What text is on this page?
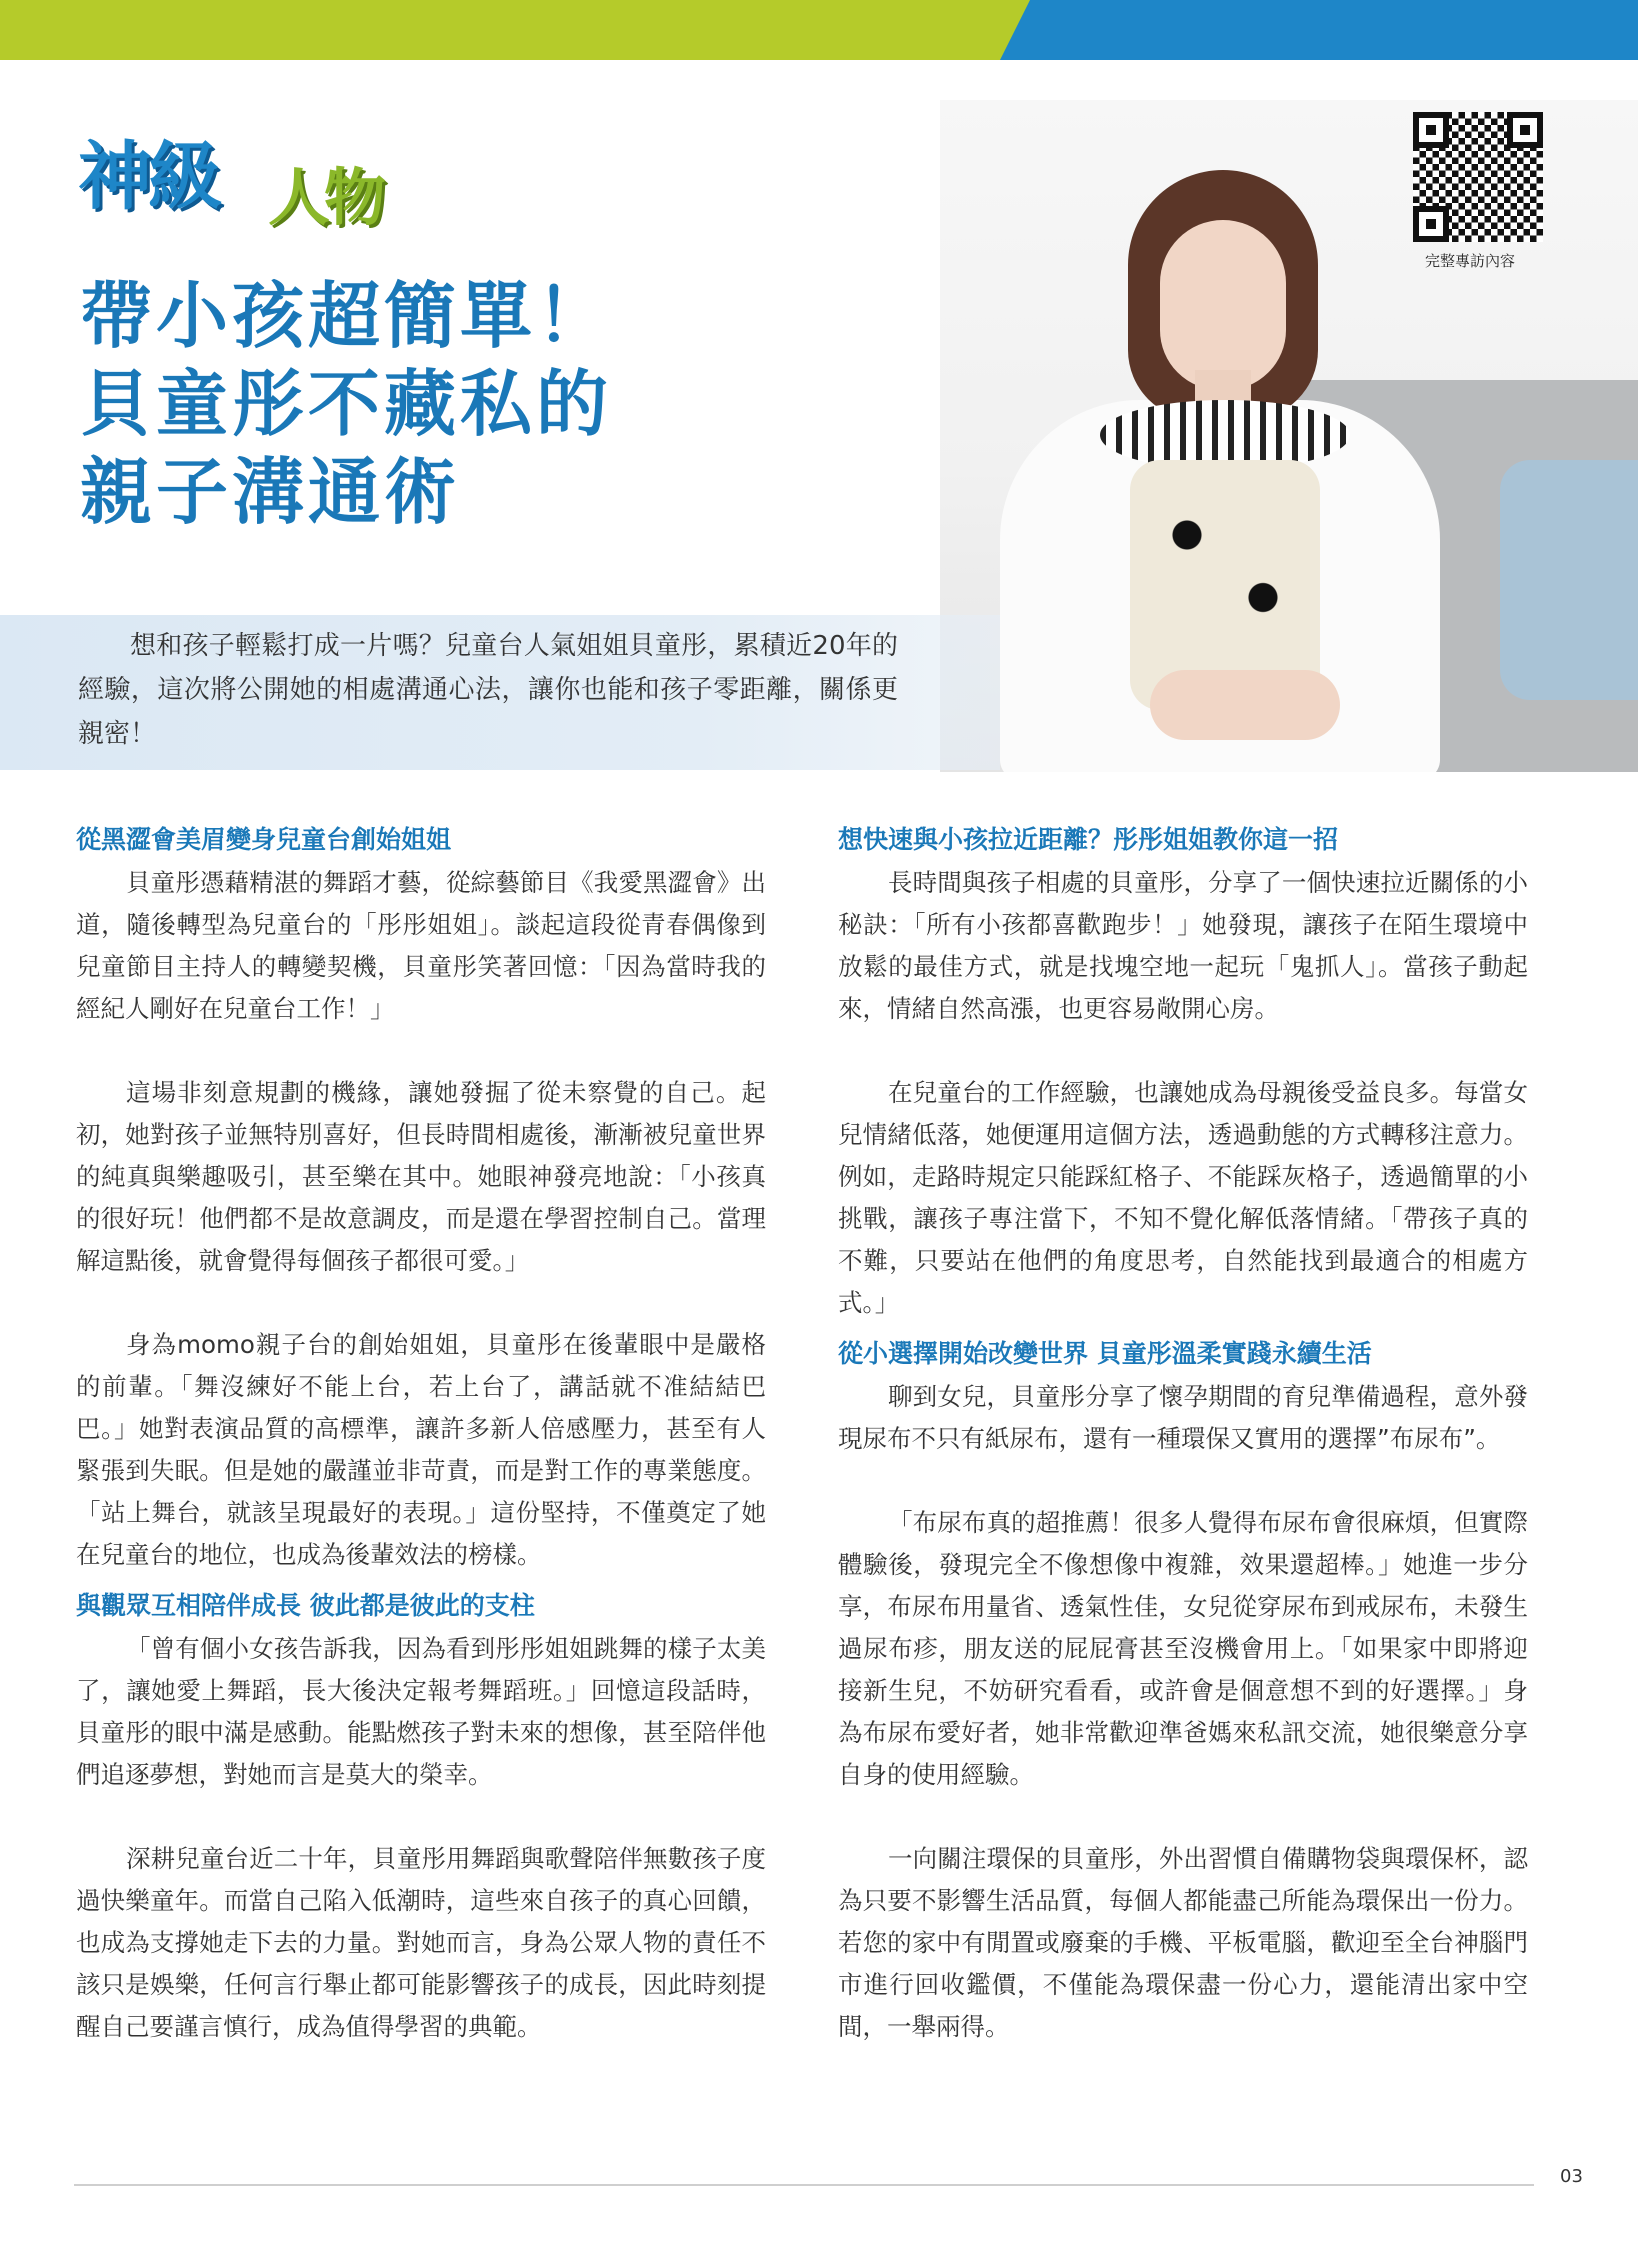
神級 人物
帶小孩超簡單！
貝童彤不藏私的
親子溝通術

想和孩子輕鬆打成一片嗎？兒童台人氣姐姐貝童彤，累積近20年的經驗，這次將公開她的相處溝通心法，讓你也能和孩子零距離，關係更親密！

完整專訪內容
從黑澀會美眉變身兒童台創始姐姐

貝童彤憑藉精湛的舞蹈才藝，從綜藝節目《我愛黑澀會》出道，隨後轉型為兒童台的「彤彤姐姐」。談起這段從青春偶像到兒童節目主持人的轉變契機，貝童彤笑著回憶：「因為當時我的經紀人剛好在兒童台工作！」

這場非刻意規劃的機緣，讓她發掘了從未察覺的自己。起初，她對孩子並無特別喜好，但長時間相處後，漸漸被兒童世界的純真與樂趣吸引，甚至樂在其中。她眼神發亮地說：「小孩真的很好玩！他們都不是故意調皮，而是還在學習控制自己。當理解這點後，就會覺得每個孩子都很可愛。」

身為momo親子台的創始姐姐，貝童彤在後輩眼中是嚴格的前輩。「舞沒練好不能上台，若上台了，講話就不准結結巴巴。」她對表演品質的高標準，讓許多新人倍感壓力，甚至有人緊張到失眠。但是她的嚴謹並非苛責，而是對工作的專業態度。「站上舞台，就該呈現最好的表現。」這份堅持，不僅奠定了她在兒童台的地位，也成為後輩效法的榜樣。

與觀眾互相陪伴成長 彼此都是彼此的支柱

「曾有個小女孩告訴我，因為看到彤彤姐姐跳舞的樣子太美了，讓她愛上舞蹈，長大後決定報考舞蹈班。」回憶這段話時，貝童彤的眼中滿是感動。能點燃孩子對未來的想像，甚至陪伴他們追逐夢想，對她而言是莫大的榮幸。

深耕兒童台近二十年，貝童彤用舞蹈與歌聲陪伴無數孩子度過快樂童年。而當自己陷入低潮時，這些來自孩子的真心回饋，也成為支撐她走下去的力量。對她而言，身為公眾人物的責任不該只是娛樂，任何言行舉止都可能影響孩子的成長，因此時刻提醒自己要謹言慎行，成為值得學習的典範。

想快速與小孩拉近距離？彤彤姐姐教你這一招

長時間與孩子相處的貝童彤，分享了一個快速拉近關係的小秘訣：「所有小孩都喜歡跑步！」她發現，讓孩子在陌生環境中放鬆的最佳方式，就是找塊空地一起玩「鬼抓人」。當孩子動起來，情緒自然高漲，也更容易敞開心房。

在兒童台的工作經驗，也讓她成為母親後受益良多。每當女兒情緒低落，她便運用這個方法，透過動態的方式轉移注意力。例如，走路時規定只能踩紅格子、不能踩灰格子，透過簡單的小挑戰，讓孩子專注當下，不知不覺化解低落情緒。「帶孩子真的不難，只要站在他們的角度思考，自然能找到最適合的相處方式。」

從小選擇開始改變世界 貝童彤溫柔實踐永續生活

聊到女兒，貝童彤分享了懷孕期間的育兒準備過程，意外發現尿布不只有紙尿布，還有一種環保又實用的選擇”布尿布”。

「布尿布真的超推薦！很多人覺得布尿布會很麻煩，但實際體驗後，發現完全不像想像中複雜，效果還超棒。」她進一步分享，布尿布用量省、透氣性佳，女兒從穿尿布到戒尿布，未發生過尿布疹，朋友送的屁屁膏甚至沒機會用上。「如果家中即將迎接新生兒，不妨研究看看，或許會是個意想不到的好選擇。」身為布尿布愛好者，她非常歡迎準爸媽來私訊交流，她很樂意分享自身的使用經驗。

一向關注環保的貝童彤，外出習慣自備購物袋與環保杯，認為只要不影響生活品質，每個人都能盡己所能為環保出一份力。若您的家中有閒置或廢棄的手機、平板電腦，歡迎至全台神腦門市進行回收鑑價，不僅能為環保盡一份心力，還能清出家中空間，一舉兩得。

03
